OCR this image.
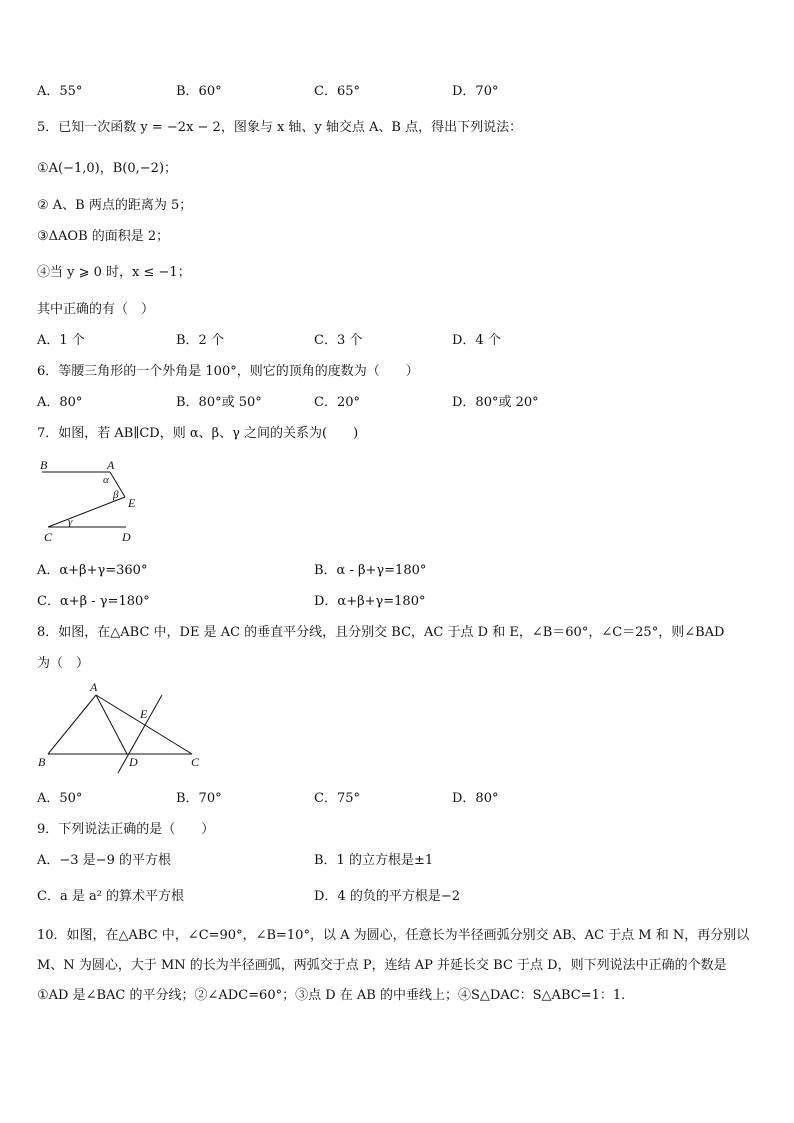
A．55°	B．60°	C．65°	D．70°
5．已知一次函数 y = −2x − 2，图象与 x 轴、y 轴交点 A、B 点，得出下列说法：
①A(−1,0)，B(0,−2)；
② A、B 两点的距离为 5；
③ΔAOB 的面积是 2；
④当 y ⩾ 0 时，x ≤ −1；
其中正确的有（　）
A．1 个	B．2 个	C．3 个	D．4 个
6．等腰三角形的一个外角是 100°，则它的顶角的度数为（　　）
A．80°	B．80°或 50°	C．20°	D．80°或 20°
7．如图，若 AB∥CD，则 α、β、γ 之间的关系为(　　)
B	A
α
β
E
γ
C	D
A．α+β+γ=360°	B．α - β+γ=180°
C．α+β - γ=180°	D．α+β+γ=180°
8．如图，在△ABC 中，DE 是 AC 的垂直平分线，且分别交 BC，AC 于点 D 和 E，∠B＝60°，∠C＝25°，则∠BAD
为（　）
A
E
B	D	C
A．50°	B．70°	C．75°	D．80°
9．下列说法正确的是（　　）
A．−3 是−9 的平方根	B．1 的立方根是±1
C．a 是 a² 的算术平方根	D．4 的负的平方根是−2
10．如图，在△ABC 中，∠C=90°，∠B=10°，以 A 为圆心，任意长为半径画弧分别交 AB、AC 于点 M 和 N，再分别以
M、N 为圆心，大于 MN 的长为半径画弧，两弧交于点 P，连结 AP 并延长交 BC 于点 D，则下列说法中正确的个数是
①AD 是∠BAC 的平分线；②∠ADC=60°；③点 D 在 AB 的中垂线上；④S△DAC：S△ABC=1：1.
